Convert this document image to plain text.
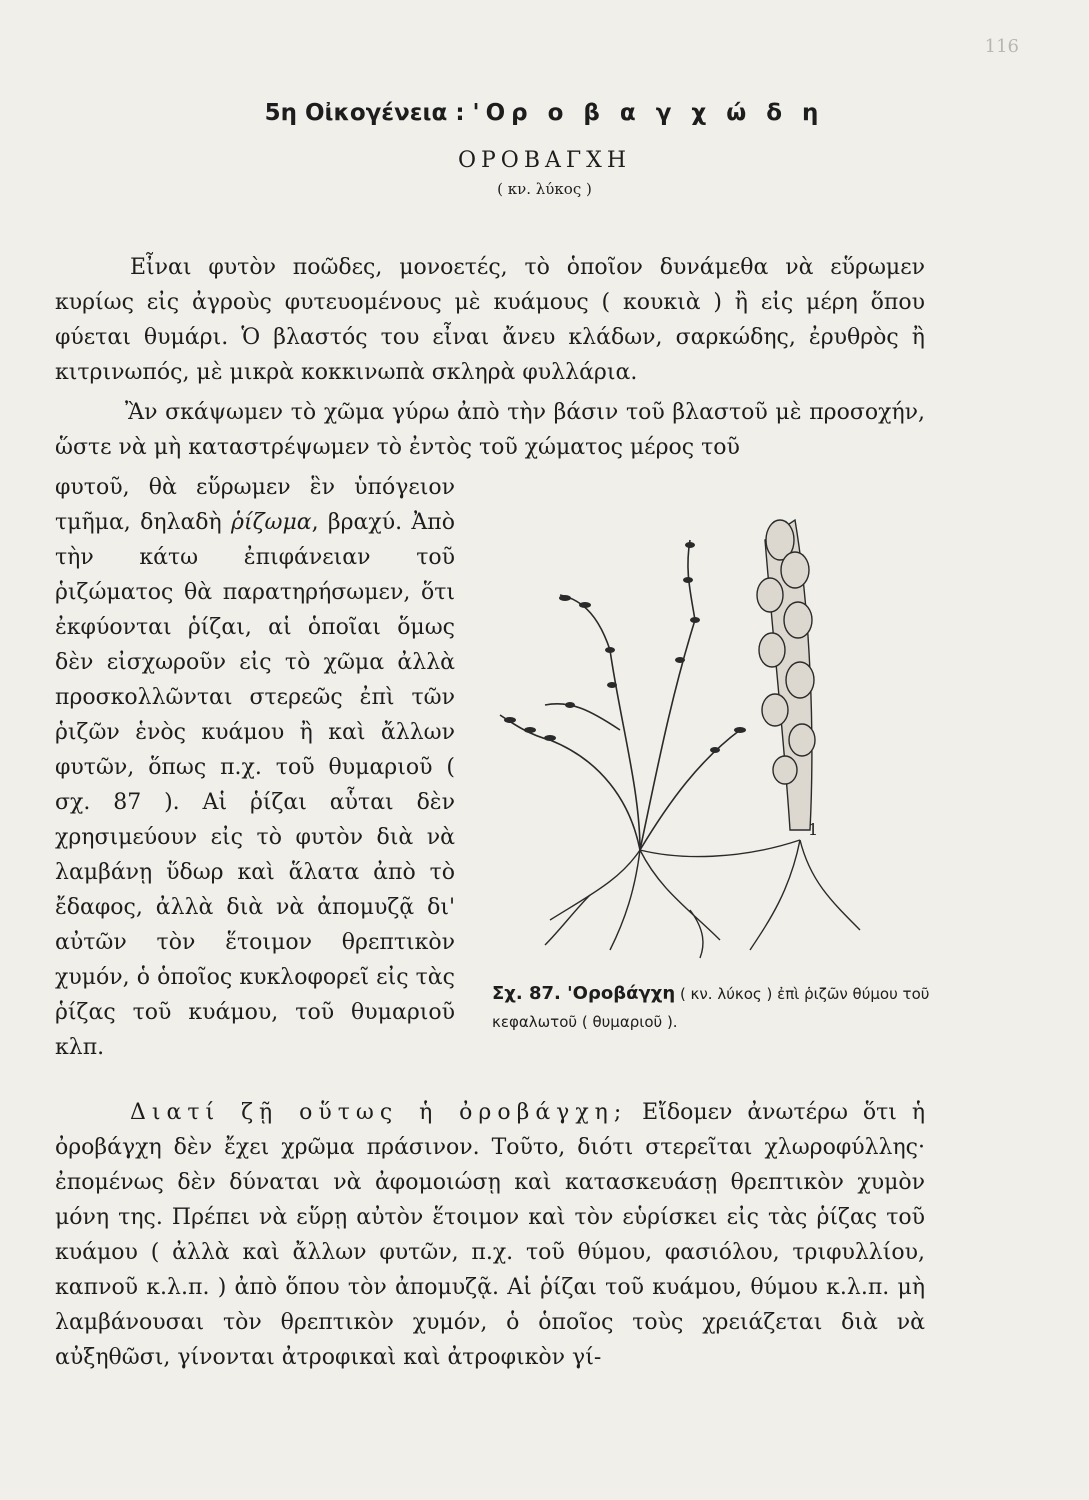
116
5η Οἰκογένεια : 'Ορ ο β α γ χ ώ δ η
ΟΡΟΒΑΓΧΗ
( κν. λύκος )

Εἶναι φυτὸν ποῶδες, μονοετές, τὸ ὁποῖον δυνάμεθα νὰ εὕρωμεν κυρίως εἰς ἀγροὺς φυτευομένους μὲ κυάμους ( κουκιὰ ) ἢ εἰς μέρη ὅπου φύεται θυμάρι. Ὁ βλαστός του εἶναι ἄνευ κλάδων, σαρκώδης, ἐρυθρὸς ἢ κιτρινωπός, μὲ μικρὰ κοκκινωπὰ σκληρὰ φυλλάρια.

Ἂν σκάψωμεν τὸ χῶμα γύρω ἀπὸ τὴν βάσιν τοῦ βλαστοῦ μὲ προσοχήν, ὥστε νὰ μὴ καταστρέψωμεν τὸ ἐντὸς τοῦ χώματος μέρος τοῦ

φυτοῦ, θὰ εὕρωμεν ἓν ὑπόγειον τμῆμα, δηλαδὴ ῥίζωμα, βραχύ. Ἀπὸ τὴν κάτω ἐπιφάνειαν τοῦ ῥιζώματος θὰ παρατηρήσωμεν, ὅτι ἐκφύονται ῥίζαι, αἱ ὁποῖαι ὅμως δὲν εἰσχωροῦν εἰς τὸ χῶμα ἀλλὰ προσκολλῶνται στερεῶς ἐπὶ τῶν ῥιζῶν ἑνὸς κυάμου ἢ καὶ ἄλλων φυτῶν, ὅπως π.χ. τοῦ θυμαριοῦ ( σχ. 87 ). Αἱ ῥίζαι αὗται δὲν χρησιμεύουν εἰς τὸ φυτὸν διὰ νὰ λαμβάνῃ ὕδωρ καὶ ἅλατα ἀπὸ τὸ ἔδαφος, ἀλλὰ διὰ νὰ ἀπομυζᾷ δι' αὐτῶν τὸν ἕτοιμον θρεπτικὸν χυμόν, ὁ ὁποῖος κυκλοφορεῖ εἰς τὰς ῥίζας τοῦ κυάμου, τοῦ θυμαριοῦ κλπ.

1
Σχ. 87. 'Οροβάγχη ( κν. λύκος ) ἐπὶ ῥιζῶν θύμου τοῦ κεφαλωτοῦ ( θυμαριοῦ ).

Διατί ζῇ οὕτως ἡ ὀροβάγχη; Εἴδομεν ἀνωτέρω ὅτι ἡ ὀροβάγχη δὲν ἔχει χρῶμα πράσινον. Τοῦτο, διότι στερεῖται χλωροφύλλης· ἐπομένως δὲν δύναται νὰ ἀφομοιώσῃ καὶ κατασκευάσῃ θρεπτικὸν χυμὸν μόνη της. Πρέπει νὰ εὕρῃ αὐτὸν ἕτοιμον καὶ τὸν εὑρίσκει εἰς τὰς ῥίζας τοῦ κυάμου ( ἀλλὰ καὶ ἄλλων φυτῶν, π.χ. τοῦ θύμου, φασιόλου, τριφυλλίου, καπνοῦ κ.λ.π. ) ἀπὸ ὅπου τὸν ἀπομυζᾷ. Αἱ ῥίζαι τοῦ κυάμου, θύμου κ.λ.π. μὴ λαμβάνουσαι τὸν θρεπτικὸν χυμόν, ὁ ὁποῖος τοὺς χρειάζεται διὰ νὰ αὐξηθῶσι, γίνονται ἀτροφικαὶ καὶ ἀτροφικὸν γί-
